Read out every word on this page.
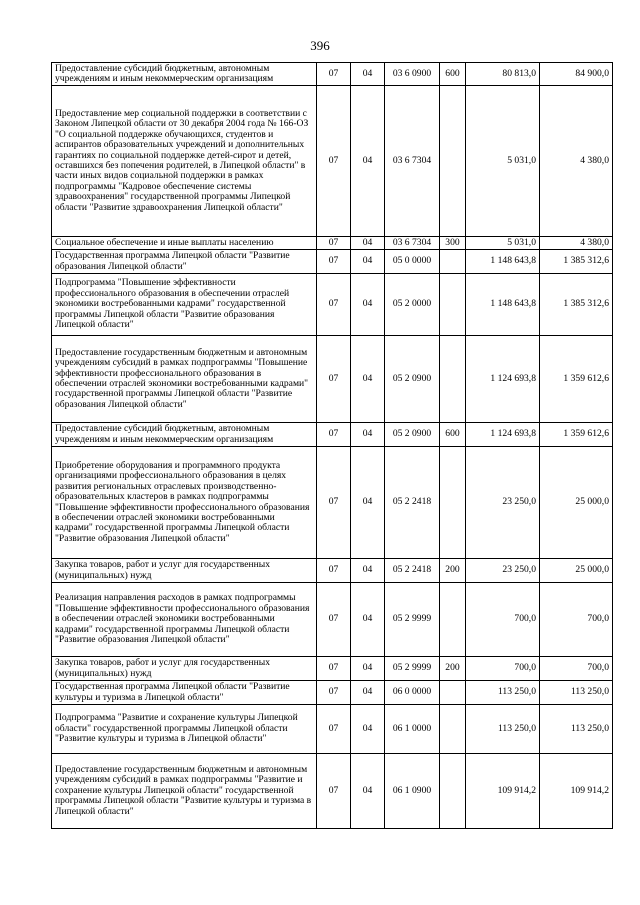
396
Предоставление субсидий бюджетным, автономным учреждениям и иным некоммерческим организациям	07	04	03 6 0900	600	80 813,0	84 900,0
Предоставление мер социальной поддержки в соответствии с Законом Липецкой области от 30 декабря 2004 года № 166-ОЗ "О социальной поддержке обучающихся, студентов и аспирантов образовательных учреждений и дополнительных гарантиях по социальной поддержке детей-сирот и детей, оставшихся без попечения родителей, в Липецкой области" в части иных видов социальной поддержки в рамках подпрограммы "Кадровое обеспечение системы здравоохранения" государственной программы Липецкой области "Развитие здравоохранения Липецкой области"	07	04	03 6 7304		5 031,0	4 380,0
Социальное обеспечение и иные выплаты населению	07	04	03 6 7304	300	5 031,0	4 380,0
Государственная программа Липецкой области "Развитие образования Липецкой области"	07	04	05 0 0000		1 148 643,8	1 385 312,6
Подпрограмма "Повышение эффективности профессионального образования в обеспечении отраслей экономики востребованными кадрами" государственной программы Липецкой области "Развитие образования Липецкой области"	07	04	05 2 0000		1 148 643,8	1 385 312,6
Предоставление государственным бюджетным и автономным учреждениям субсидий в рамках подпрограммы "Повышение эффективности профессионального образования в обеспечении отраслей экономики востребованными кадрами" государственной программы Липецкой области "Развитие образования Липецкой области"	07	04	05 2 0900		1 124 693,8	1 359 612,6
Предоставление субсидий бюджетным, автономным учреждениям и иным некоммерческим организациям	07	04	05 2 0900	600	1 124 693,8	1 359 612,6
Приобретение оборудования и программного продукта организациями профессионального образования в целях развития региональных отраслевых производственно-образовательных кластеров в рамках подпрограммы "Повышение эффективности профессионального образования в обеспечении отраслей экономики востребованными кадрами" государственной программы Липецкой области "Развитие образования Липецкой области"	07	04	05 2 2418		23 250,0	25 000,0
Закупка товаров, работ и услуг для государственных (муниципальных) нужд	07	04	05 2 2418	200	23 250,0	25 000,0
Реализация направления расходов в рамках подпрограммы "Повышение эффективности профессионального образования в обеспечении отраслей экономики востребованными кадрами" государственной программы Липецкой области "Развитие образования Липецкой области"	07	04	05 2 9999		700,0	700,0
Закупка товаров, работ и услуг для государственных (муниципальных) нужд	07	04	05 2 9999	200	700,0	700,0
Государственная программа Липецкой области "Развитие культуры и туризма в Липецкой области"	07	04	06 0 0000		113 250,0	113 250,0
Подпрограмма "Развитие и сохранение культуры Липецкой области" государственной программы Липецкой области "Развитие культуры и туризма в Липецкой области"	07	04	06 1 0000		113 250,0	113 250,0
Предоставление государственным бюджетным и автономным учреждениям субсидий в рамках подпрограммы "Развитие и сохранение культуры Липецкой области" государственной программы Липецкой области "Развитие культуры и туризма в Липецкой области"	07	04	06 1 0900		109 914,2	109 914,2
